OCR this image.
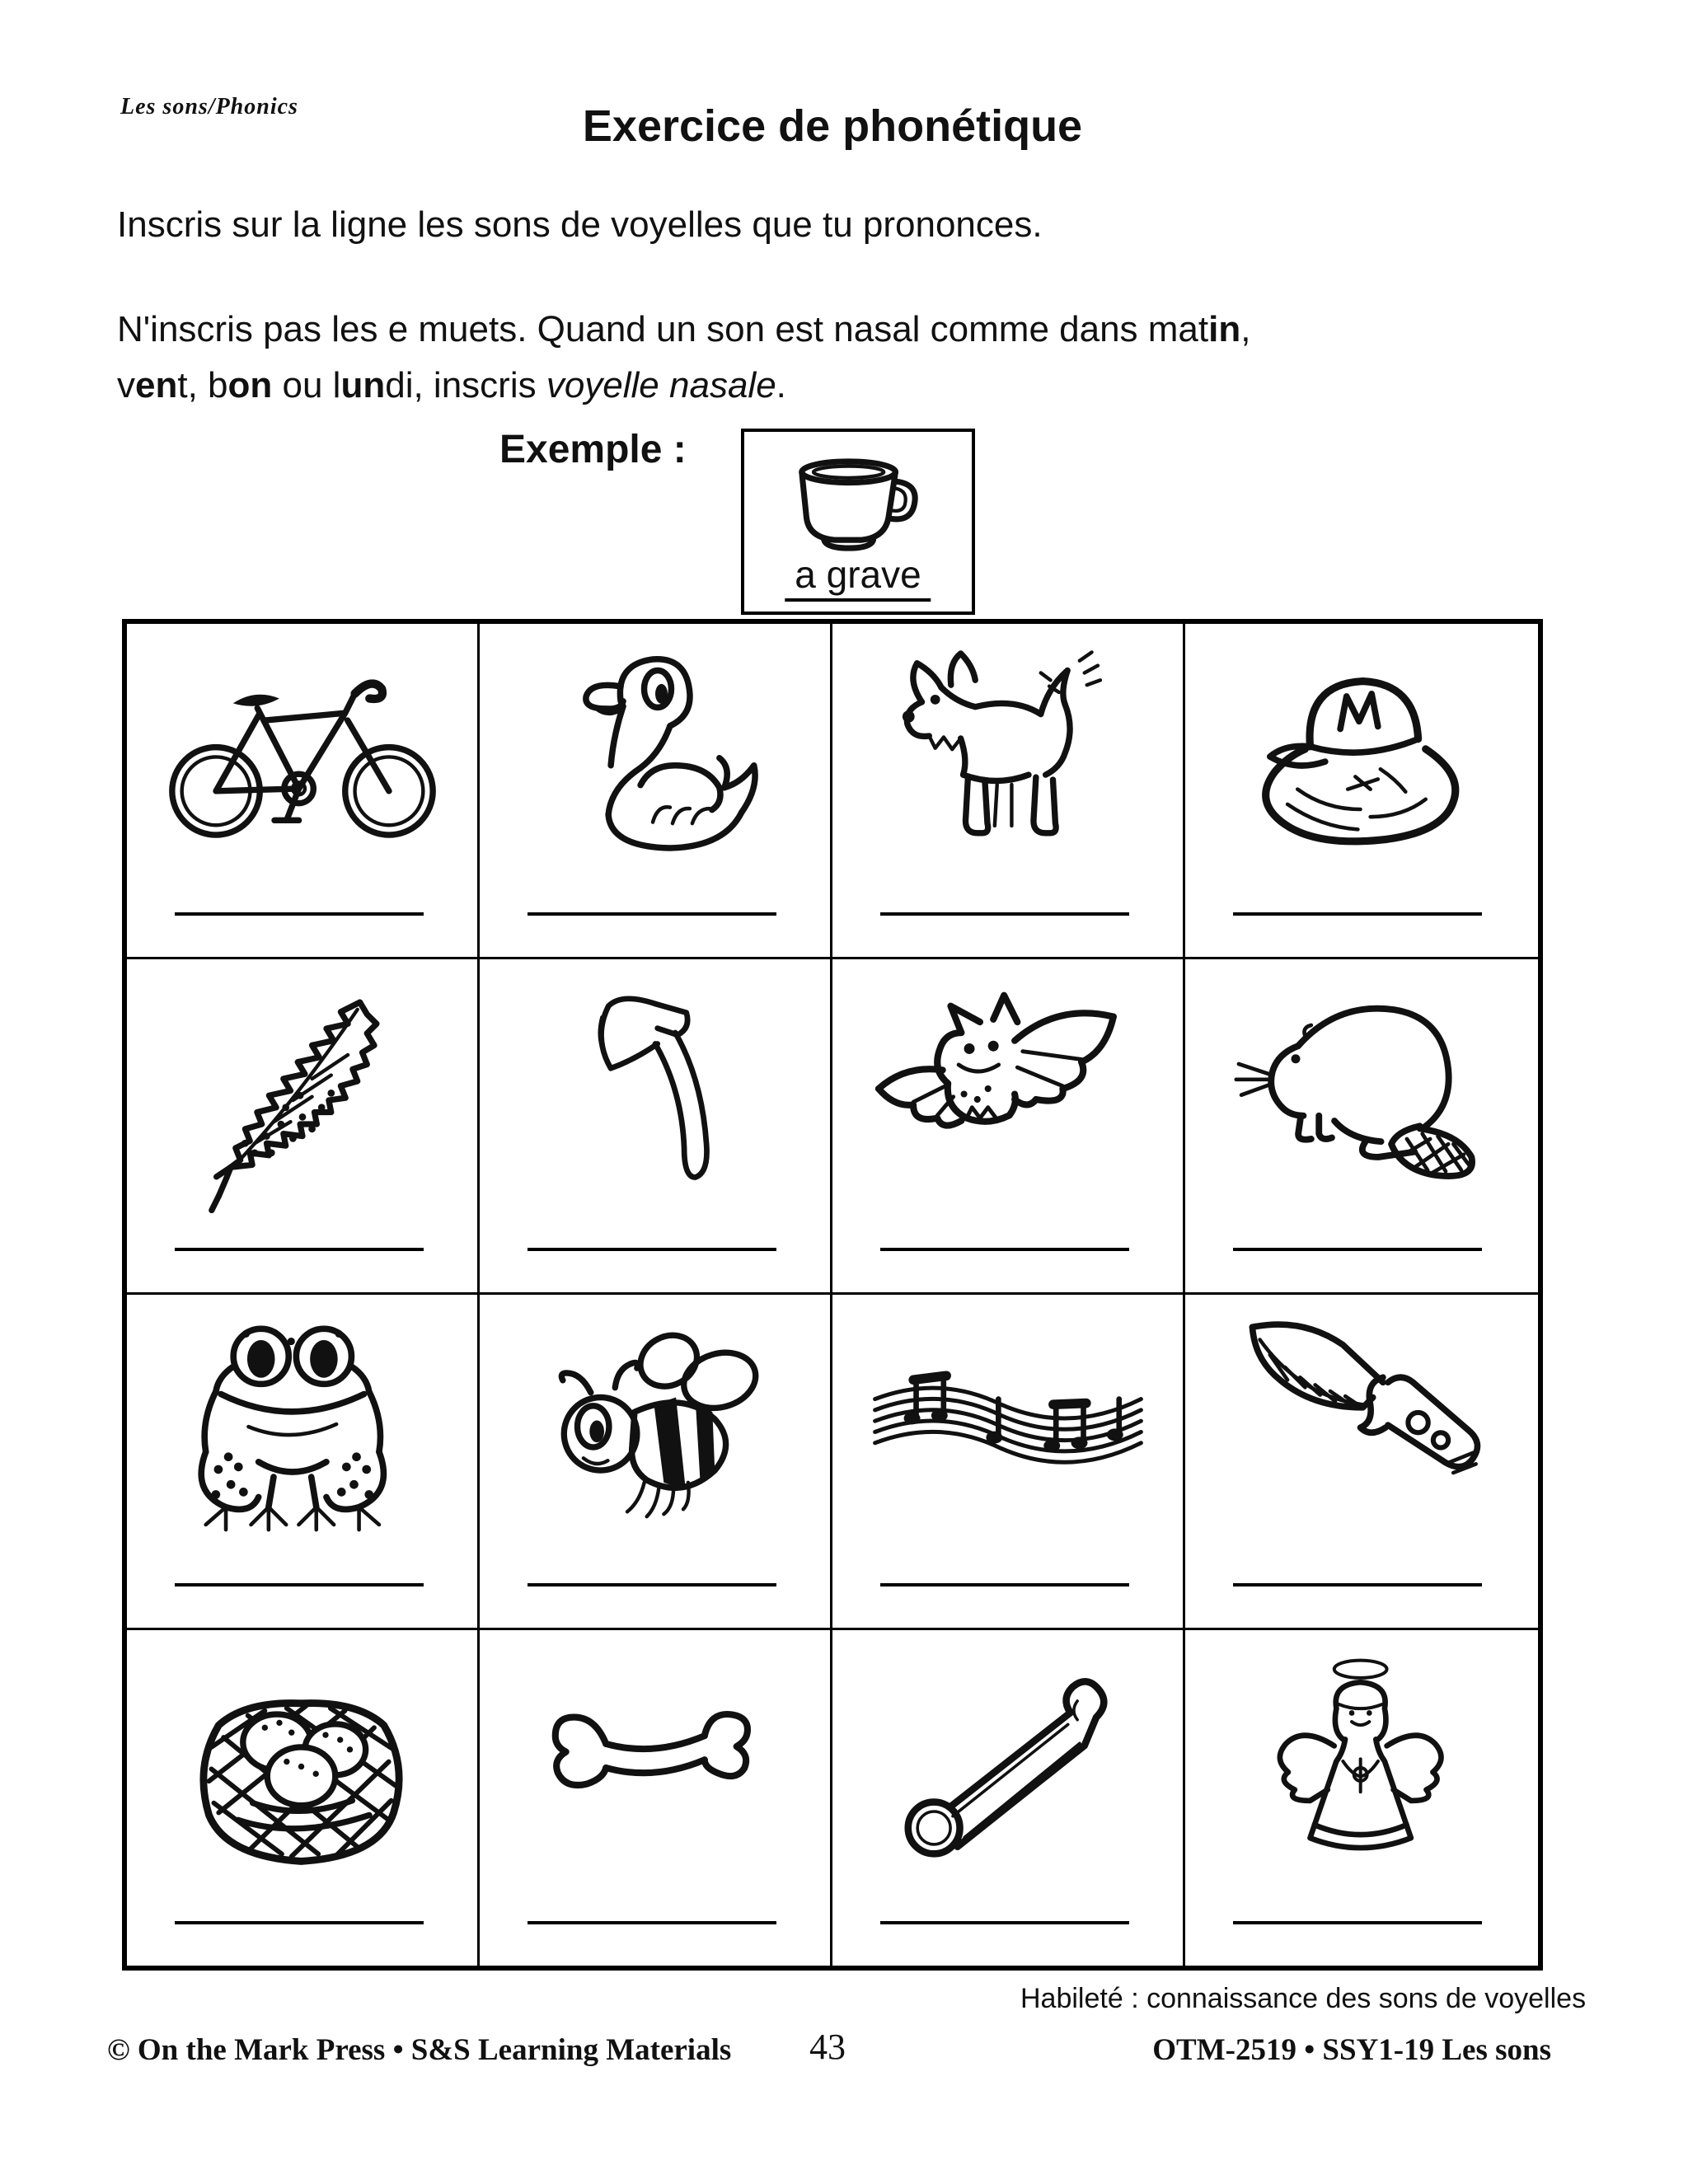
Les sons/Phonics	Exercice de phonétique
Inscris sur la ligne les sons de voyelles que tu prononces.
N'inscris pas les e muets. Quand un son est nasal comme dans matin,
vent, bon ou lundi, inscris voyelle nasale.
Exemple :
a grave
Habileté : connaissance des sons de voyelles
© On the Mark Press • S&S Learning Materials 43	OTM-2519 • SSY1-19 Les sons
